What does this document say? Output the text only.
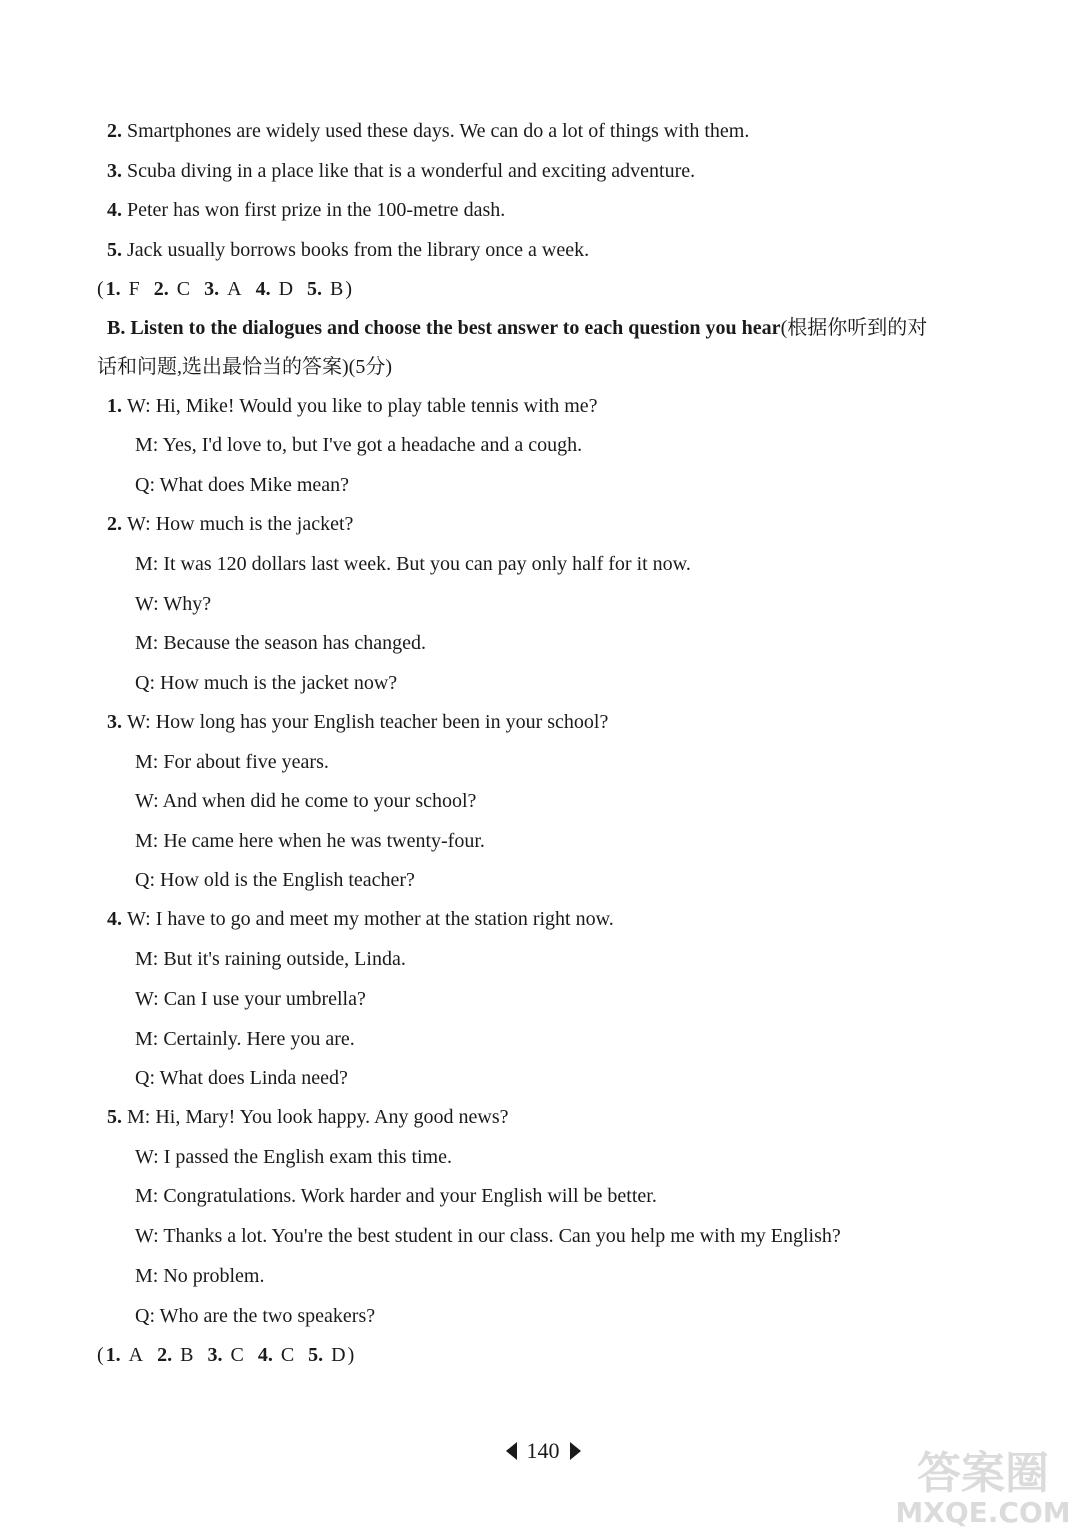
2. Smartphones are widely used these days. We can do a lot of things with them.
3. Scuba diving in a place like that is a wonderful and exciting adventure.
4. Peter has won first prize in the 100-metre dash.
5. Jack usually borrows books from the library once a week.
( 1. F 2. C 3. A 4. D 5. B )
B. Listen to the dialogues and choose the best answer to each question you hear(根据你听到的对
话和问题,选出最恰当的答案)(5分)
1. W: Hi, Mike! Would you like to play table tennis with me?
M: Yes, I'd love to, but I've got a headache and a cough.
Q: What does Mike mean?
2. W: How much is the jacket?
M: It was 120 dollars last week. But you can pay only half for it now.
W: Why?
M: Because the season has changed.
Q: How much is the jacket now?
3. W: How long has your English teacher been in your school?
M: For about five years.
W: And when did he come to your school?
M: He came here when he was twenty-four.
Q: How old is the English teacher?
4. W: I have to go and meet my mother at the station right now.
M: But it's raining outside, Linda.
W: Can I use your umbrella?
M: Certainly. Here you are.
Q: What does Linda need?
5. M: Hi, Mary! You look happy. Any good news?
W: I passed the English exam this time.
M: Congratulations. Work harder and your English will be better.
W: Thanks a lot. You're the best student in our class. Can you help me with my English?
M: No problem.
Q: Who are the two speakers?
( 1. A 2. B 3. C 4. C 5. D )
140	答案圈
MXQE.COM
